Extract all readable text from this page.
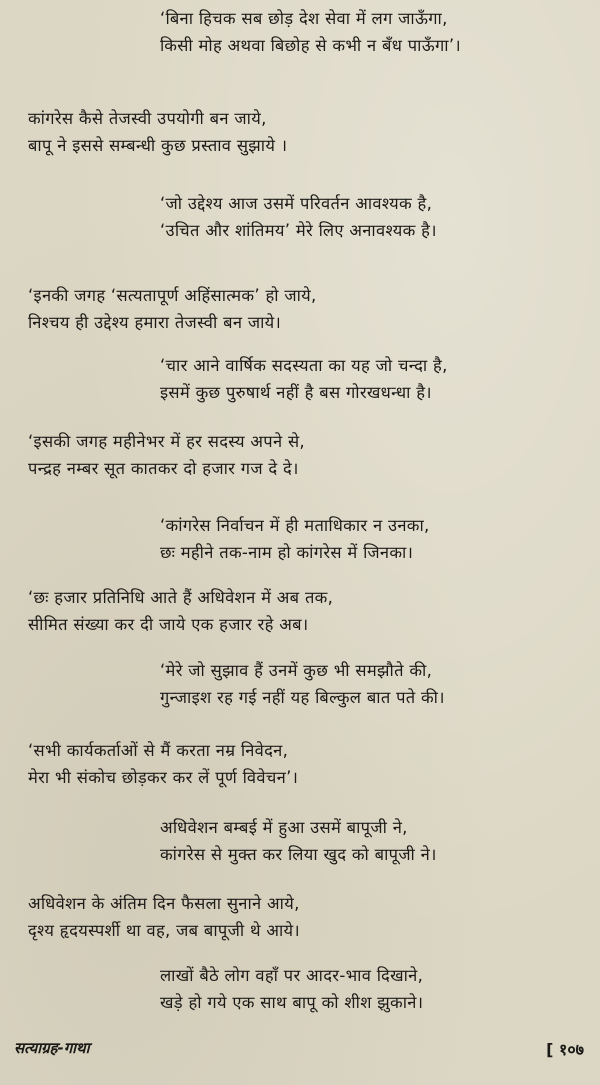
‘बिना हिचक सब छोड़ देश सेवा में लग जाऊँगा,

किसी मोह अथवा बिछोह से कभी न बँध पाऊँगा’।

कांगरेस कैसे तेजस्वी उपयोगी बन जाये,

बापू ने इससे सम्बन्धी कुछ प्रस्ताव सुझाये ।

‘जो उद्देश्य आज उसमें परिवर्तन आवश्यक है,

‘उचित और शांतिमय’ मेरे लिए अनावश्यक है।

‘इनकी जगह ‘सत्यतापूर्ण अहिंसात्मक’ हो जाये,

निश्चय ही उद्देश्य हमारा तेजस्वी बन जाये।

‘चार आने वार्षिक सदस्यता का यह जो चन्दा है,

इसमें कुछ पुरुषार्थ नहीं है बस गोरखधन्धा है।

‘इसकी जगह महीनेभर में हर सदस्य अपने से,

पन्द्रह नम्बर सूत कातकर दो हजार गज दे दे।

‘कांगरेस निर्वाचन में ही मताधिकार न उनका,

छः महीने तक-नाम हो कांगरेस में जिनका।

‘छः हजार प्रतिनिधि आते हैं अधिवेशन में अब तक,

सीमित संख्या कर दी जाये एक हजार रहे अब।

‘मेरे जो सुझाव हैं उनमें कुछ भी समझौते की,

गुन्जाइश रह गई नहीं यह बिल्कुल बात पते की।

‘सभी कार्यकर्ताओं से मैं करता नम्र निवेदन,

मेरा भी संकोच छोड़कर कर लें पूर्ण विवेचन’।

अधिवेशन बम्बई में हुआ उसमें बापूजी ने,

कांगरेस से मुक्त कर लिया खुद को बापूजी ने।

अधिवेशन के अंतिम दिन फैसला सुनाने आये,

दृश्य हृदयस्पर्शी था वह, जब बापूजी थे आये।

लाखों बैठे लोग वहाँ पर आदर-भाव दिखाने,

खड़े हो गये एक साथ बापू को शीश झुकाने।

सत्याग्रह-गाथा	[ १०७
